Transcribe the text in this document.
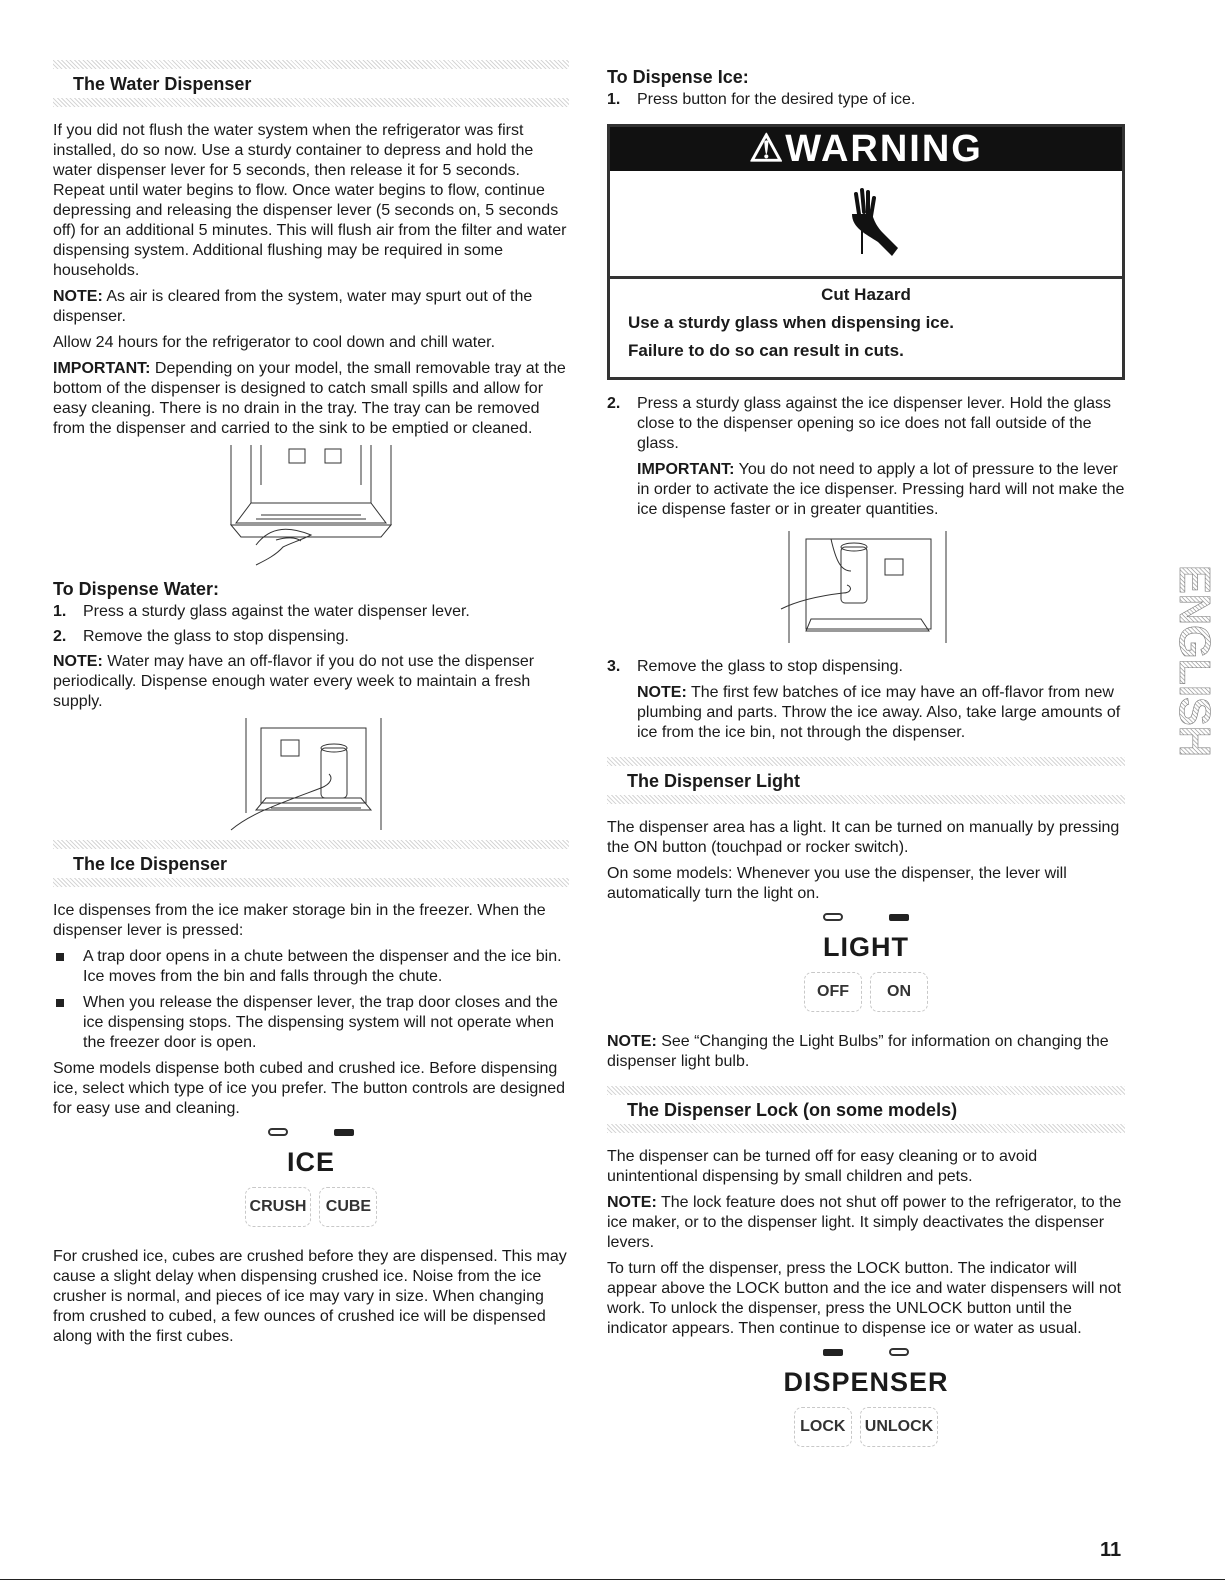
The Water Dispenser

If you did not flush the water system when the refrigerator was first installed, do so now. Use a sturdy container to depress and hold the water dispenser lever for 5 seconds, then release it for 5 seconds. Repeat until water begins to flow. Once water begins to flow, continue depressing and releasing the dispenser lever (5 seconds on, 5 seconds off) for an additional 5 minutes. This will flush air from the filter and water dispensing system. Additional flushing may be required in some households.

NOTE: As air is cleared from the system, water may spurt out of the dispenser.

Allow 24 hours for the refrigerator to cool down and chill water.

IMPORTANT: Depending on your model, the small removable tray at the bottom of the dispenser is designed to catch small spills and allow for easy cleaning. There is no drain in the tray. The tray can be removed from the dispenser and carried to the sink to be emptied or cleaned.

To Dispense Water:
1.	Press a sturdy glass against the water dispenser lever.
2.	Remove the glass to stop dispensing.

NOTE: Water may have an off-flavor if you do not use the dispenser periodically. Dispense enough water every week to maintain a fresh supply.

The Ice Dispenser

Ice dispenses from the ice maker storage bin in the freezer. When the dispenser lever is pressed:

A trap door opens in a chute between the dispenser and the ice bin. Ice moves from the bin and falls through the chute.
When you release the dispenser lever, the trap door closes and the ice dispensing stops. The dispensing system will not operate when the freezer door is open.

Some models dispense both cubed and crushed ice. Before dispensing ice, select which type of ice you prefer. The button controls are designed for easy use and cleaning.

ICE
CRUSH	CUBE

For crushed ice, cubes are crushed before they are dispensed. This may cause a slight delay when dispensing crushed ice. Noise from the ice crusher is normal, and pieces of ice may vary in size. When changing from crushed to cubed, a few ounces of crushed ice will be dispensed along with the first cubes.

To Dispense Ice:
1.	Press button for the desired type of ice.
⚠WARNING
Cut Hazard
Use a sturdy glass when dispensing ice.
Failure to do so can result in cuts.
2.	Press a sturdy glass against the ice dispenser lever. Hold the glass close to the dispenser opening so ice does not fall outside of the glass.

IMPORTANT: You do not need to apply a lot of pressure to the lever in order to activate the ice dispenser. Pressing hard will not make the ice dispense faster or in greater quantities.

3.	Remove the glass to stop dispensing.

NOTE: The first few batches of ice may have an off-flavor from new plumbing and parts. Throw the ice away. Also, take large amounts of ice from the ice bin, not through the dispenser.

The Dispenser Light

The dispenser area has a light. It can be turned on manually by pressing the ON button (touchpad or rocker switch).

On some models: Whenever you use the dispenser, the lever will automatically turn the light on.

LIGHT
OFF	ON

NOTE: See “Changing the Light Bulbs” for information on changing the dispenser light bulb.

The Dispenser Lock (on some models)

The dispenser can be turned off for easy cleaning or to avoid unintentional dispensing by small children and pets.

NOTE: The lock feature does not shut off power to the refrigerator, to the ice maker, or to the dispenser light. It simply deactivates the dispenser levers.

To turn off the dispenser, press the LOCK button. The indicator will appear above the LOCK button and the ice and water dispensers will not work. To unlock the dispenser, press the UNLOCK button until the indicator appears. Then continue to dispense ice or water as usual.

DISPENSER
LOCK	UNLOCK
ENGLISH
11
